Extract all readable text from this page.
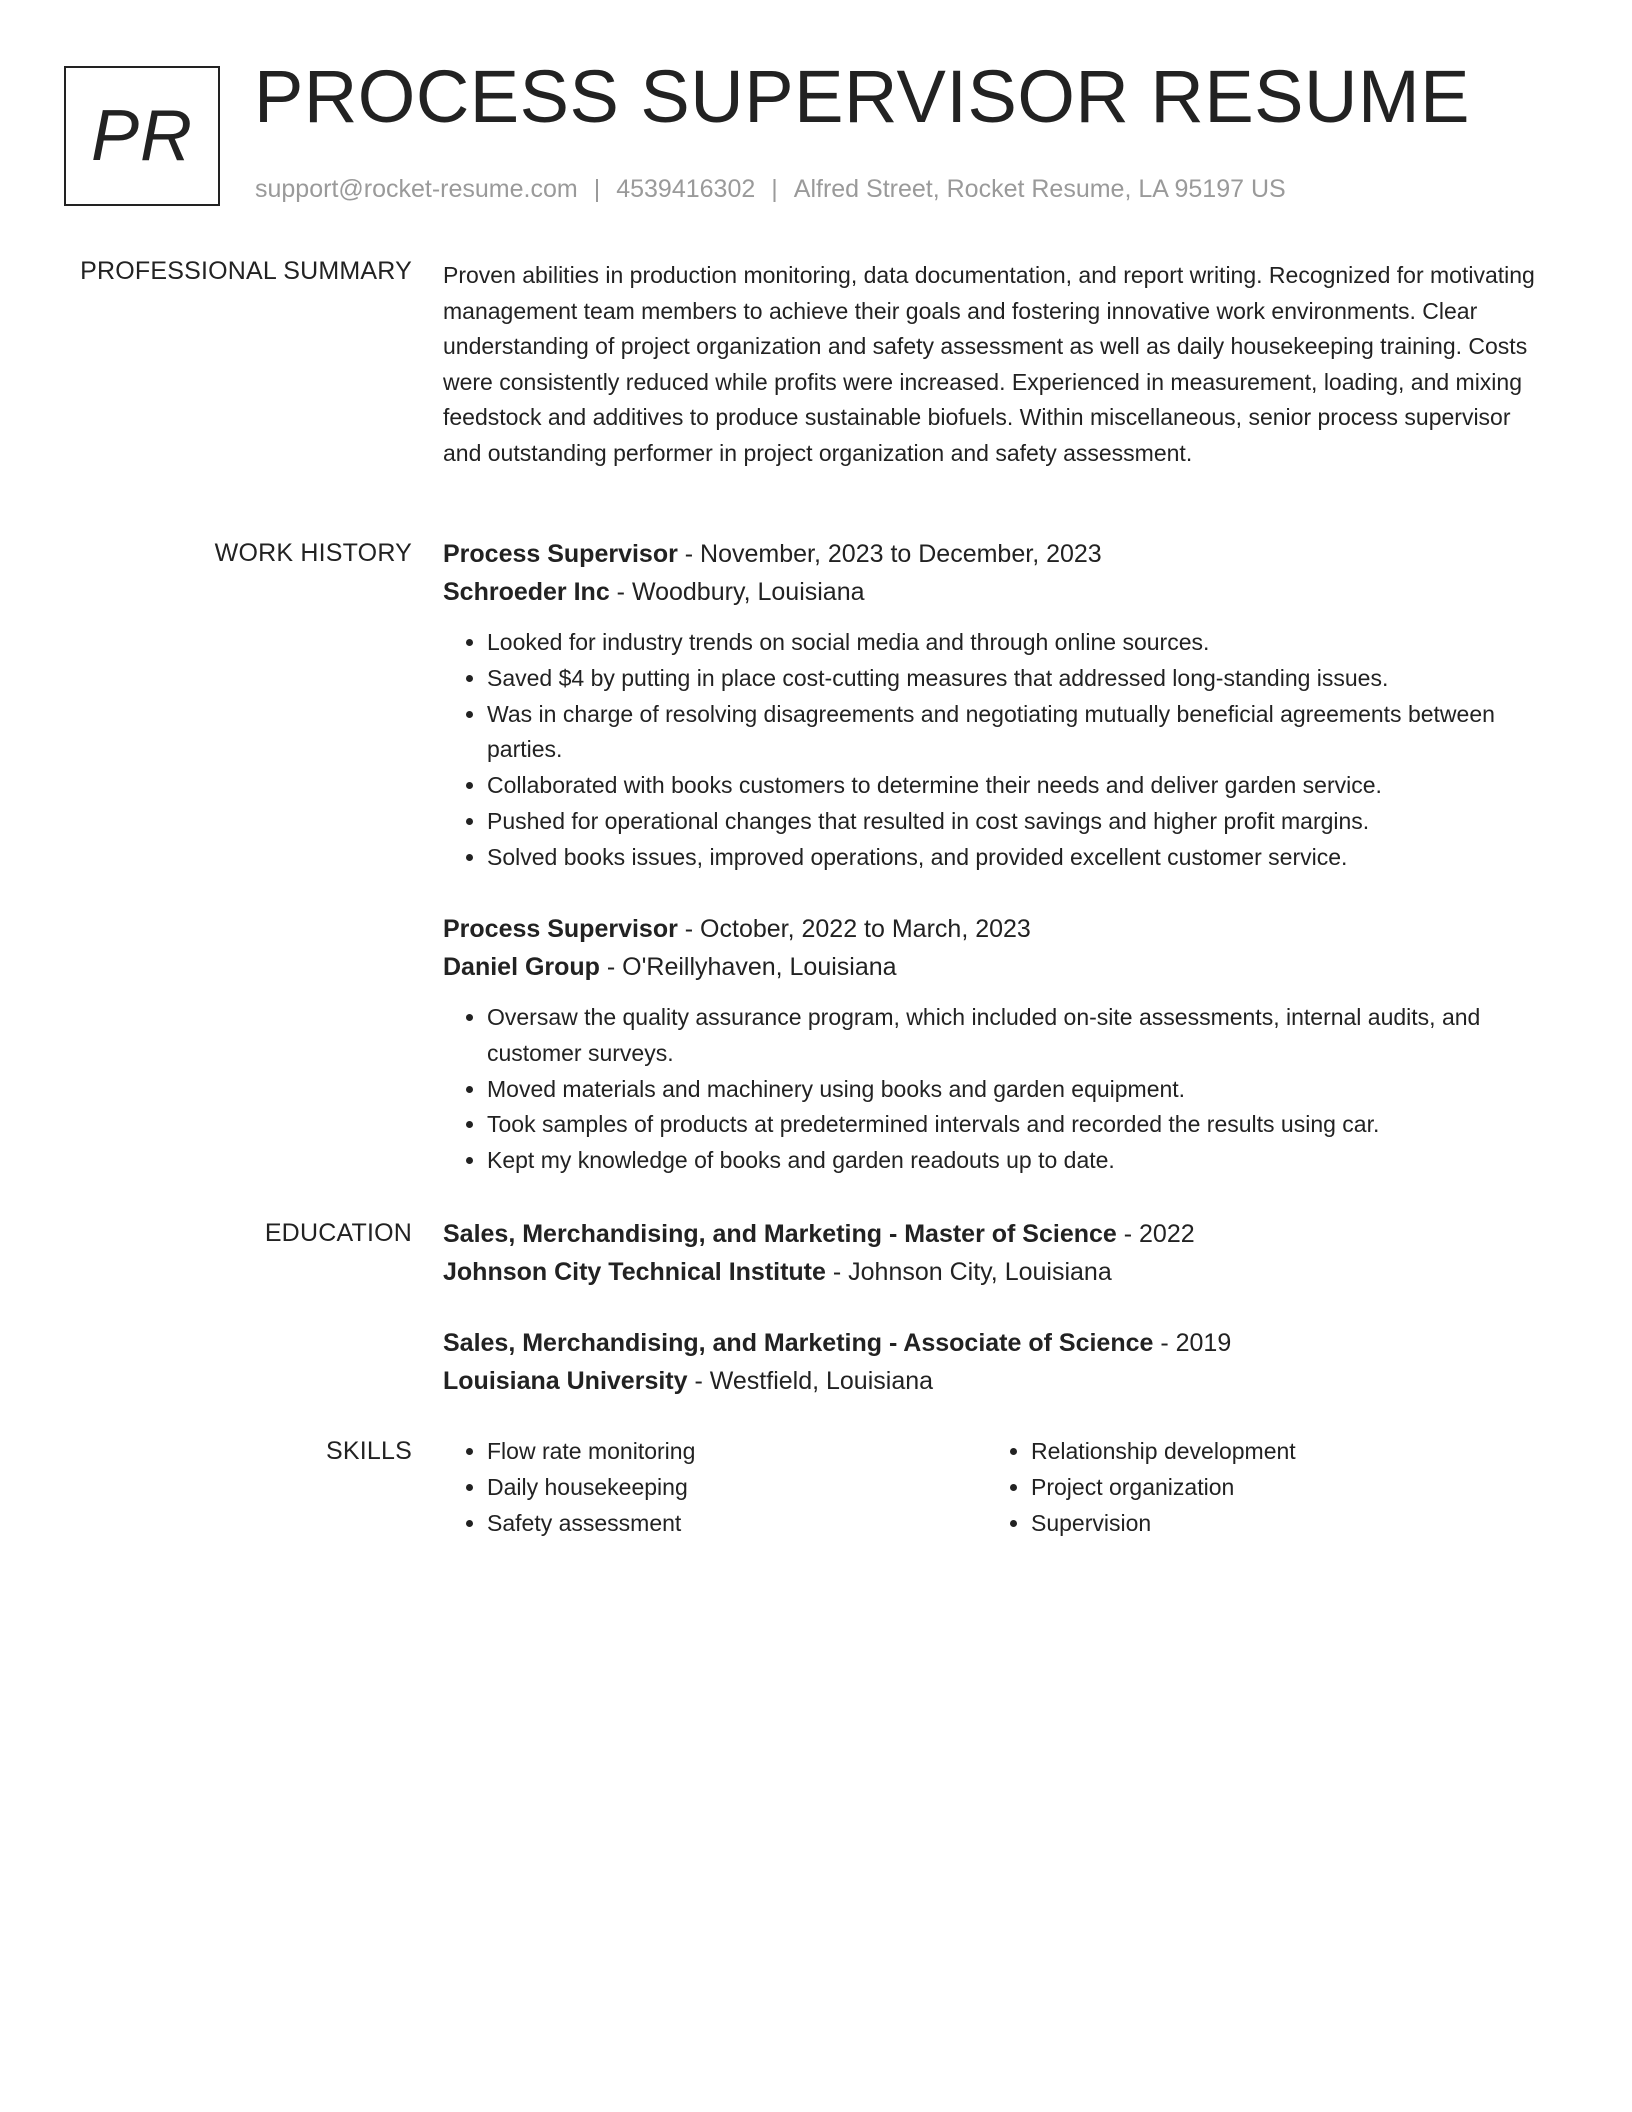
PR PROCESS SUPERVISOR RESUME
support@rocket-resume.com | 4539416302 | Alfred Street, Rocket Resume, LA 95197 US
PROFESSIONAL SUMMARY Proven abilities in production monitoring, data documentation, and report writing. Recognized for motivating management team members to achieve their goals and fostering innovative work environments. Clear understanding of project organization and safety assessment as well as daily housekeeping training. Costs were consistently reduced while profits were increased. Experienced in measurement, loading, and mixing feedstock and additives to produce sustainable biofuels. Within miscellaneous, senior process supervisor and outstanding performer in project organization and safety assessment.

WORK HISTORY Process Supervisor - November, 2023 to December, 2023
Schroeder Inc - Woodbury, Louisiana
• Looked for industry trends on social media and through online sources.
• Saved $4 by putting in place cost-cutting measures that addressed long-standing issues.
• Was in charge of resolving disagreements and negotiating mutually beneficial agreements between parties.
• Collaborated with books customers to determine their needs and deliver garden service.
• Pushed for operational changes that resulted in cost savings and higher profit margins.
• Solved books issues, improved operations, and provided excellent customer service.
Process Supervisor - October, 2022 to March, 2023
Daniel Group - O'Reillyhaven, Louisiana
• Oversaw the quality assurance program, which included on-site assessments, internal audits, and customer surveys.
• Moved materials and machinery using books and garden equipment.
• Took samples of products at predetermined intervals and recorded the results using car.
• Kept my knowledge of books and garden readouts up to date.
EDUCATION Sales, Merchandising, and Marketing - Master of Science - 2022
Johnson City Technical Institute - Johnson City, Louisiana
Sales, Merchandising, and Marketing - Associate of Science - 2019
Louisiana University - Westfield, Louisiana
SKILLS
•	Flow rate monitoring
• Daily housekeeping
• Safety assessment
• Relationship development
• Project organization
• Supervision
